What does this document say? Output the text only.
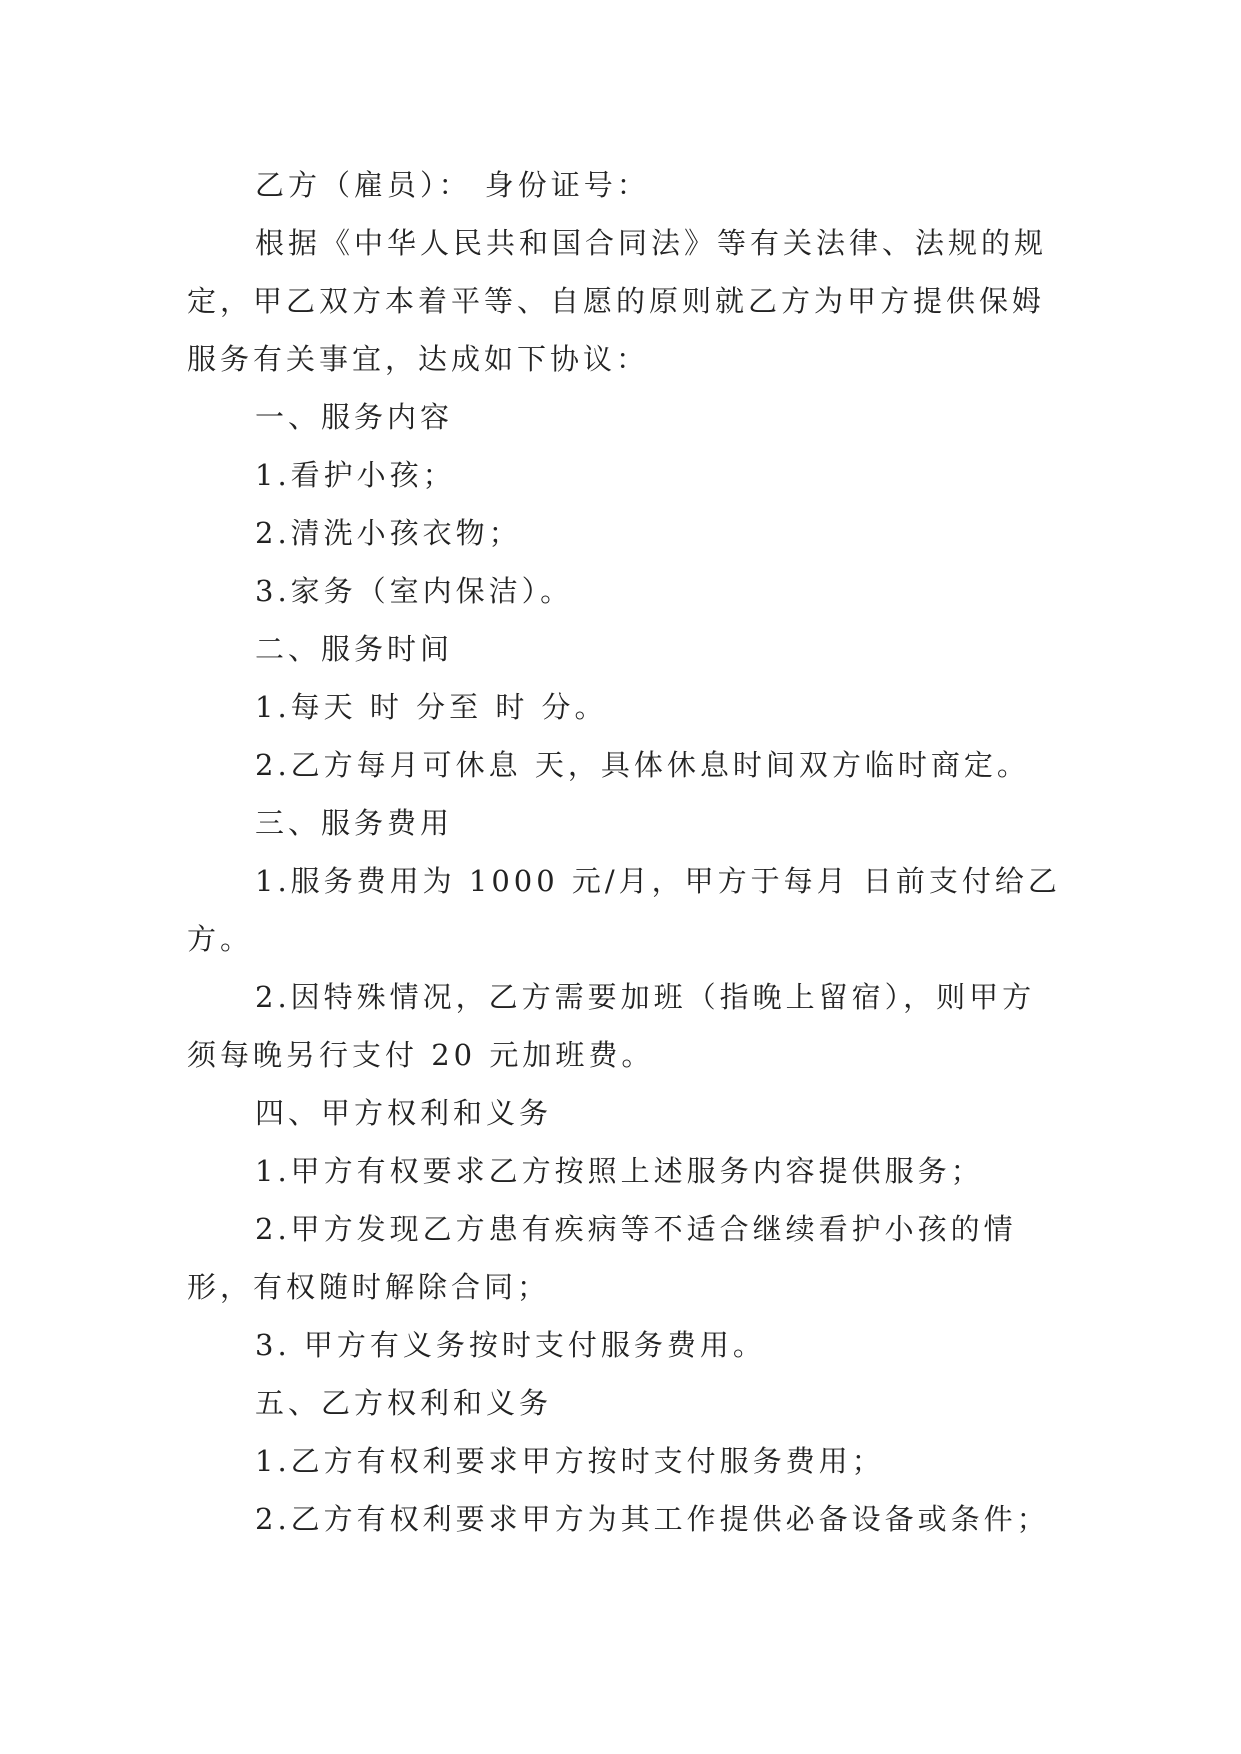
乙方（雇员）： 身份证号：

根据《中华人民共和国合同法》等有关法律、法规的规定，甲乙双方本着平等、自愿的原则就乙方为甲方提供保姆服务有关事宜，达成如下协议：

一、服务内容

1.看护小孩；

2.清洗小孩衣物；

3.家务（室内保洁）。

二、服务时间

1.每天 时 分至 时 分。

2.乙方每月可休息 天，具体休息时间双方临时商定。

三、服务费用

1.服务费用为 1000 元/月，甲方于每月 日前支付给乙方。

2.因特殊情况，乙方需要加班（指晚上留宿），则甲方须每晚另行支付 20 元加班费。

四、甲方权利和义务

1.甲方有权要求乙方按照上述服务内容提供服务；

2.甲方发现乙方患有疾病等不适合继续看护小孩的情形，有权随时解除合同；

3. 甲方有义务按时支付服务费用。

五、乙方权利和义务

1.乙方有权利要求甲方按时支付服务费用；

2.乙方有权利要求甲方为其工作提供必备设备或条件；
